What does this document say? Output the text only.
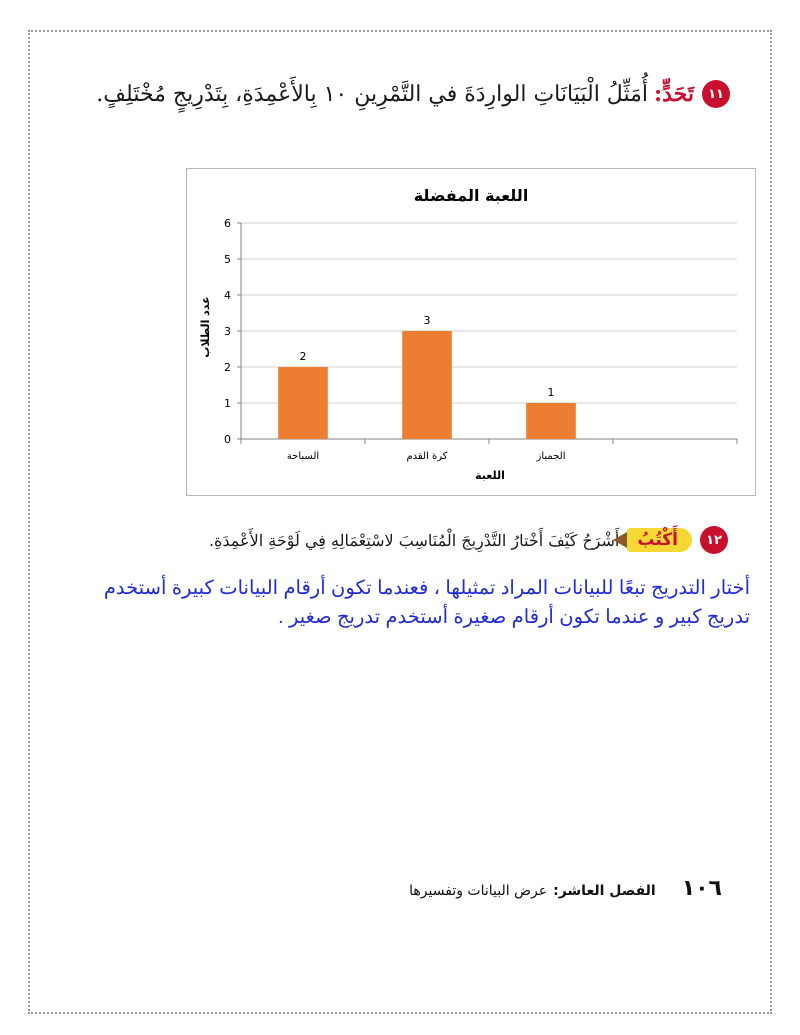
١١
تَحَدٍّ:
أُمَثِّلُ الْبَيَانَاتِ الوارِدَةَ في التَّمْرِينِ ١٠ بِالأَعْمِدَةِ، بِتَدْرِيجٍ مُخْتَلِفٍ.
اللعبة المفضلة
عدد الطلاب
اللعبة
0
1
2
3
4
5
6
2
السباحة
3
كرة القدم
1
الجمباز
١٢
أَكْتُبُ
أَشْرَحُ كَيْفَ أَخْتارُ التَّدْرِيجَ الْمُنَاسِبَ لاسْتِعْمَالِهِ فِي لَوْحَةِ الأَعْمِدَةِ.
أختار التدريج تبعًا للبيانات المراد تمثيلها ، فعندما تكون أرقام البيانات كبيرة أستخدم
تدريج كبير و عندما تكون أرقام صغيرة أستخدم تدريج صغير .
١٠٦
الفصل العاشر:
عرض البيانات وتفسيرها
